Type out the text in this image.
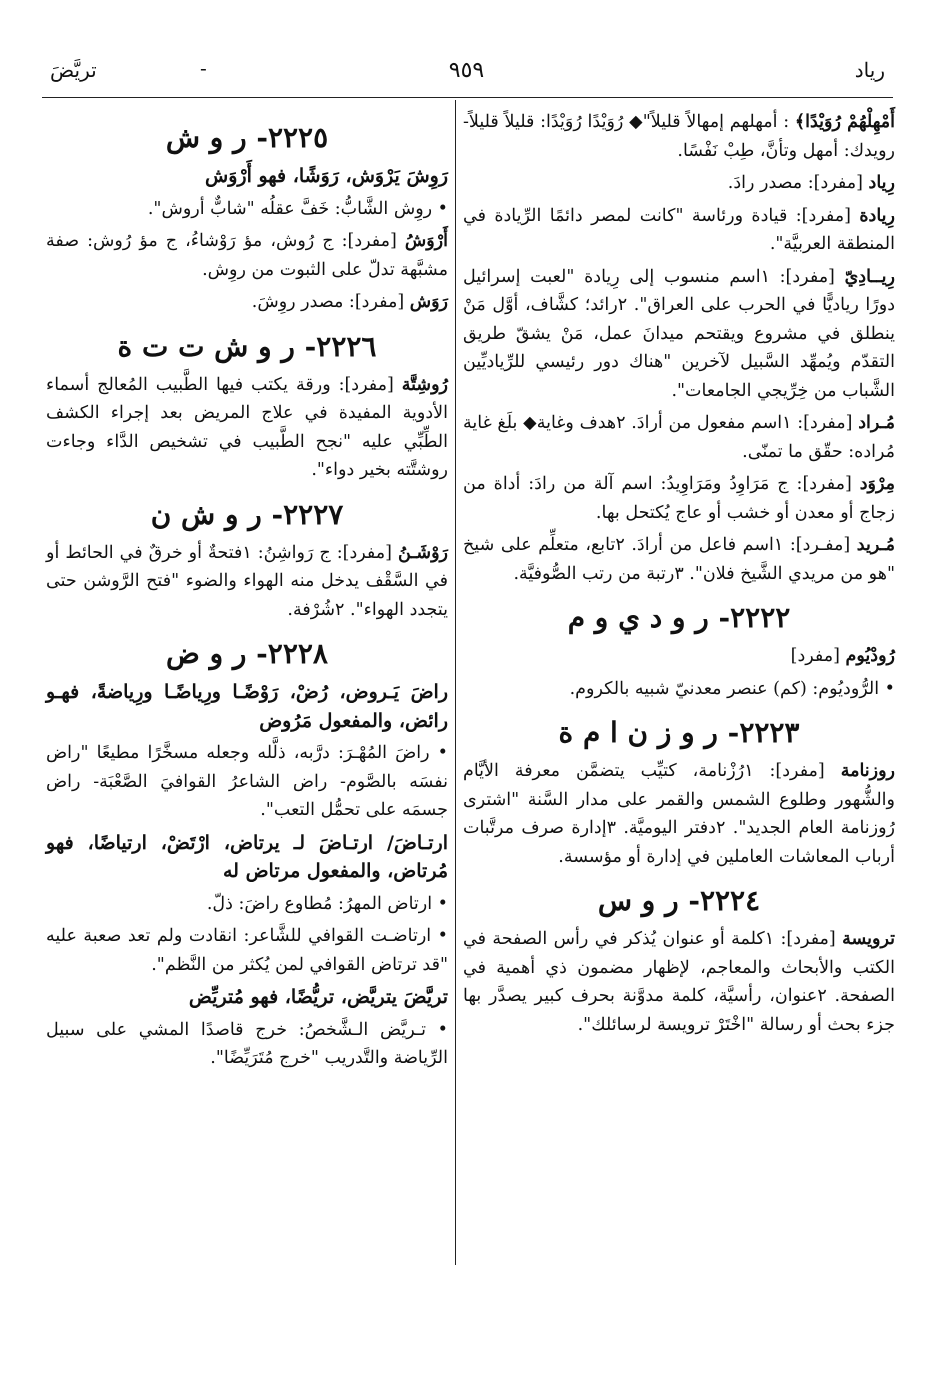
رياد
٩٥٩
-
تريَّضَ

أَمْهِلْهُمْ رُوَيْدًا﴾ : أمهلهم إمهالاً قليلاً"◆ رُوَيْدًا رُوَيْدًا: قليلاً قليلاً- رويدك: أمهل وتأنَّ، طِبْ نَفْسًا.

رِياد [مفرد]: مصدر رادَ.

رِيادة [مفرد]: قيادة ورئاسة "كانت لمصر دائمًا الرِّيادة في المنطقة العربيَّة".

رِيــادِيّ [مفرد]: ١اسم منسوب إلى رِيادة "لعبت إسرائيل دورًا رياديًّا في الحرب على العراق". ٢رائد؛ كشَّاف، أوَّل مَنْ ينطلق في مشروع ويقتحم ميدانَ عمل، مَنْ يشقّ طريق التقدّم ويُمهِّد السَّبيل لآخرين "هناك دور رئيسي للرِّياديِّين الشَّباب من خِرِّيجي الجامعات".

مُـراد [مفرد]: ١اسم مفعول من أرادَ. ٢هدف وغاية◆ بلَغ غاية مُراده: حقّق ما تمنّى.

مِرْوَد [مفرد]: ج مَرَاوِدُ ومَرَاوِيدُ: اسم آلة من رادَ: أداة من زجاج أو معدن أو خشب أو عاج يُكتحل بها.

مُـريد [مفـرد]: ١اسم فاعل من أرادَ. ٢تابع، متعلِّم على شيخ "هو من مريدي الشَّيخ فلان". ٣رتبة من رتب الصُّوفيَّة.

٢٢٢٢- ر و د ي و م

رُودْيُوم [مفرد]

• الرُّوديُوم: (كم) عنصر معدنيّ شبيه بالكروم.

٢٢٢٣- ر و ز ن ا م ة

روزنامة [مفرد]: ١رُزْنامة، كتيِّب يتضمَّن معرفة الأيَّام والشُّهور وطلوع الشمس والقمر على مدار السَّنة "اشترى رُوزنامة العام الجديد". ٢دفتر اليوميَّة. ٣إدارة صرف مرتَّبات أرباب المعاشات العاملين في إدارة أو مؤسسة.

٢٢٢٤- ر و س

ترويسة [مفرد]: ١كلمة أو عنوان يُذكر في رأس الصفحة في الكتب والأبحاث والمعاجم، لإظهار مضمون ذي أهمية في الصفحة. ٢عنوان، رأسيَّة، كلمة مدوَّنة بحرف كبير يصدَّر بها جزء بحث أو رسالة "اخْتَرْ ترويسة لرسائلك".

٢٢٢٥- ر و ش

رَوِشَ يَرْوَش، رَوَشًا، فهو أَرْوَش

• روِش الشَّابُّ: خَفَّ عقلُه "شابٌّ أروش".

أَرْوَشُ [مفرد]: ج رُوش، مؤ رَوْشاءُ، ج مؤ رُوش: صفة مشبَّهة تدلّ على الثبوت من روِش.

رَوَش [مفرد]: مصدر روِشَ.

٢٢٢٦- ر و ش ت ت ة

رُوشِتَّة [مفرد]: ورقة يكتب فيها الطَّبيب المُعالج أسماء الأدوية المفيدة في علاج المريض بعد إجراء الكشف الطِّبِّي عليه "نجح الطَّبيب في تشخيص الدَّاء وجاءت روشتَّته بخير دواء".

٢٢٢٧- ر و ش ن

رَوْشَـنُ [مفرد]: ج رَواشِنُ: ١فتحةٌ أو خرقٌ في الحائط أو في السَّقْف يدخل منه الهواء والضوء "فتح الرَّوشن حتى يتجدد الهواء". ٢شُرْفة.

٢٢٢٨- ر و ض

راضَ يَـروض، رُضْ، رَوْضًـا ورِياضًـا ورِياضةً، فهـو رائض، والمفعول مَرُوض

• راضَ المُهْـرَ: درَّبه، ذلَّله وجعله مسخَّرًا مطيعًا "راض نفسَه بالصَّوم- راض الشاعرُ القوافيَ الصَّعْبَة- راض جسمَه على تحمُّل التعب".

ارتـاضَ/ ارتـاضَ لـ يرتاض، ارْتَضْ، ارتياضًا، فهو مُرتاض، والمفعول مرتاض له

• ارتاض المهرُ: مُطاوع راضَ: ذلّ.

• ارتاضـت القوافي للشَّاعر: انقادت ولم تعد صعبة عليه "قد ترتاض القوافي لمن يُكثر من النَّظم".

تريَّضَ يتريَّض، تريُّضًا، فهو مُتريِّض

• تـريَّض الـشَّخصُ: خرج قاصدًا المشي على سبيل الرِّياضة والتَّدريب "خرج مُتَرَيِّضًا".
